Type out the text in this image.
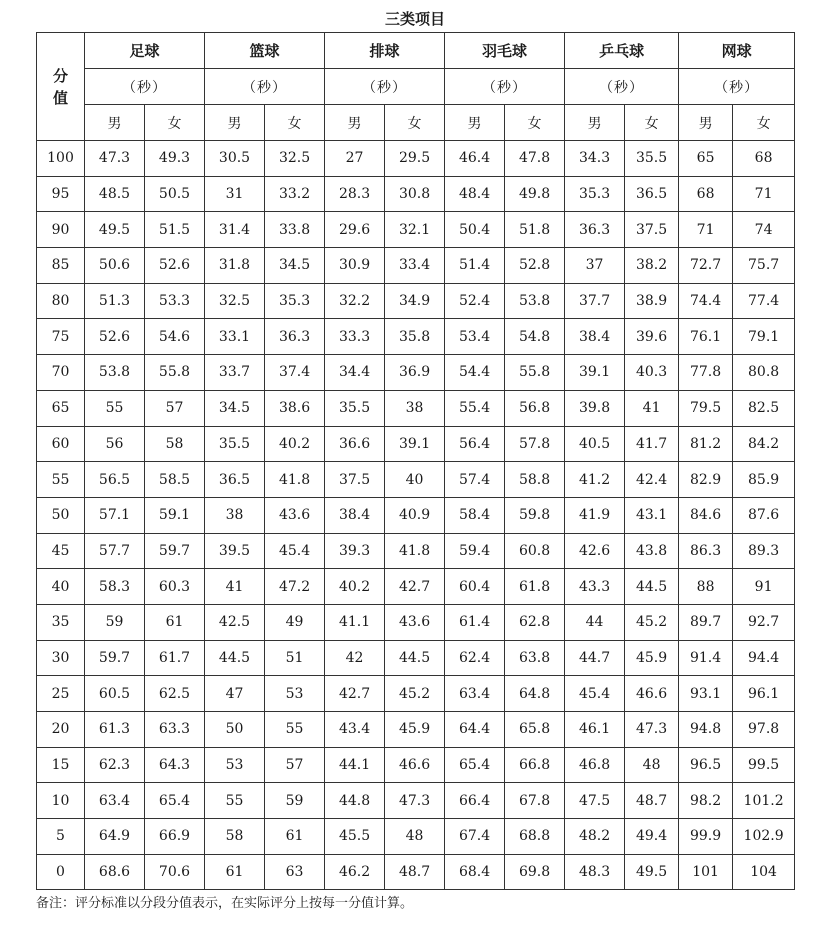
三类项目
分
值	足球		篮球		排球		羽毛球		乒乓球		网球	
	（秒）		（秒）		（秒）		（秒）		（秒）		（秒）	
	男	女	男	女	男	女	男	女	男	女	男	女
100	47.3	49.3	30.5	32.5	27	29.5	46.4	47.8	34.3	35.5	65	68
95	48.5	50.5	31	33.2	28.3	30.8	48.4	49.8	35.3	36.5	68	71
90	49.5	51.5	31.4	33.8	29.6	32.1	50.4	51.8	36.3	37.5	71	74
85	50.6	52.6	31.8	34.5	30.9	33.4	51.4	52.8	37	38.2	72.7	75.7
80	51.3	53.3	32.5	35.3	32.2	34.9	52.4	53.8	37.7	38.9	74.4	77.4
75	52.6	54.6	33.1	36.3	33.3	35.8	53.4	54.8	38.4	39.6	76.1	79.1
70	53.8	55.8	33.7	37.4	34.4	36.9	54.4	55.8	39.1	40.3	77.8	80.8
65	55	57	34.5	38.6	35.5	38	55.4	56.8	39.8	41	79.5	82.5
60	56	58	35.5	40.2	36.6	39.1	56.4	57.8	40.5	41.7	81.2	84.2
55	56.5	58.5	36.5	41.8	37.5	40	57.4	58.8	41.2	42.4	82.9	85.9
50	57.1	59.1	38	43.6	38.4	40.9	58.4	59.8	41.9	43.1	84.6	87.6
45	57.7	59.7	39.5	45.4	39.3	41.8	59.4	60.8	42.6	43.8	86.3	89.3
40	58.3	60.3	41	47.2	40.2	42.7	60.4	61.8	43.3	44.5	88	91
35	59	61	42.5	49	41.1	43.6	61.4	62.8	44	45.2	89.7	92.7
30	59.7	61.7	44.5	51	42	44.5	62.4	63.8	44.7	45.9	91.4	94.4
25	60.5	62.5	47	53	42.7	45.2	63.4	64.8	45.4	46.6	93.1	96.1
20	61.3	63.3	50	55	43.4	45.9	64.4	65.8	46.1	47.3	94.8	97.8
15	62.3	64.3	53	57	44.1	46.6	65.4	66.8	46.8	48	96.5	99.5
10	63.4	65.4	55	59	44.8	47.3	66.4	67.8	47.5	48.7	98.2	101.2
5	64.9	66.9	58	61	45.5	48	67.4	68.8	48.2	49.4	99.9	102.9
0	68.6	70.6	61	63	46.2	48.7	68.4	69.8	48.3	49.5	101	104
备注：评分标准以分段分值表示，在实际评分上按每一分值计算。
